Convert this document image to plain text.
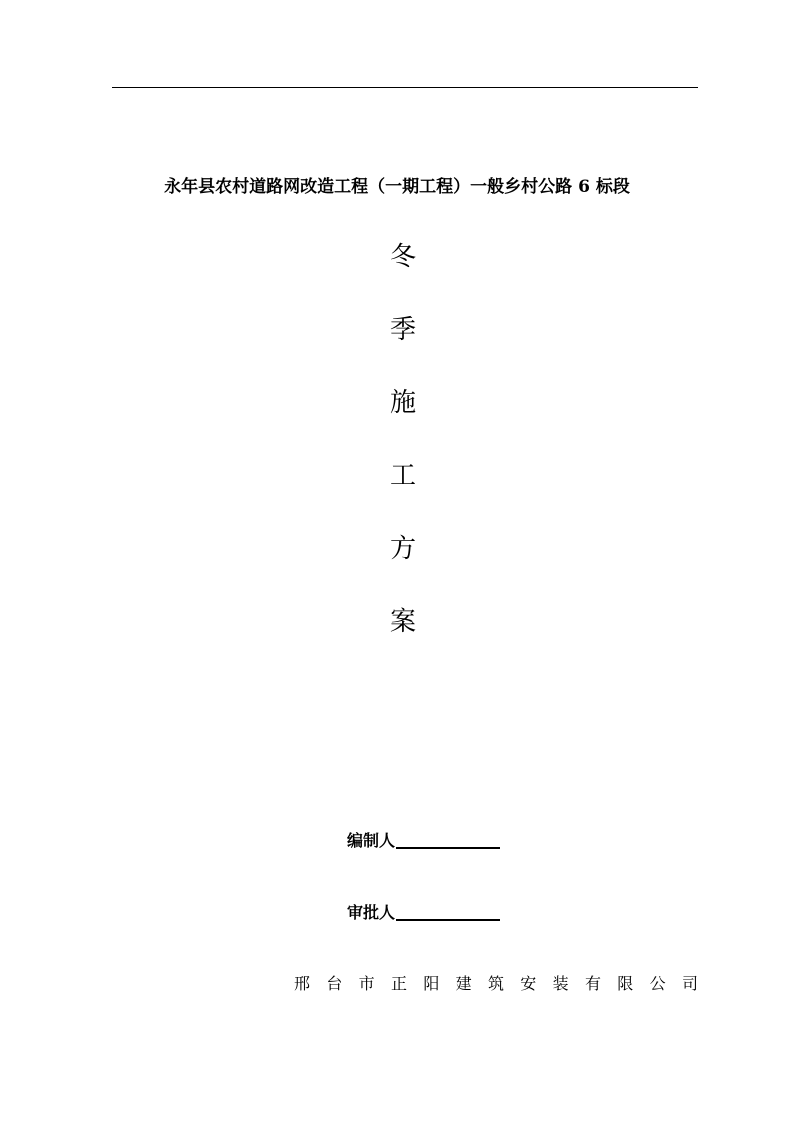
永年县农村道路网改造工程（一期工程）一般乡村公路 6 标段
冬
季
施
工
方
案
编制人
审批人
邢 台 市 正 阳 建 筑 安 装 有 限 公 司
